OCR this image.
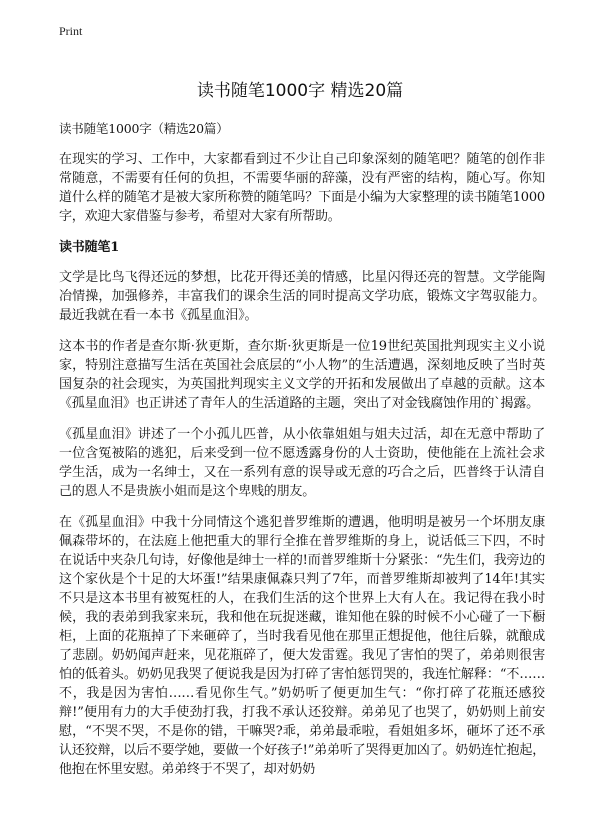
Print
读书随笔1000字 精选20篇

读书随笔1000字（精选20篇）

在现实的学习、工作中，大家都看到过不少让自己印象深刻的随笔吧？随笔的创作非常随意，不需要有任何的负担，不需要华丽的辞藻，没有严密的结构，随心写。你知道什么样的随笔才是被大家所称赞的随笔吗？下面是小编为大家整理的读书随笔1000字，欢迎大家借鉴与参考，希望对大家有所帮助。

读书随笔1

文学是比鸟飞得还远的梦想，比花开得还美的情感，比星闪得还亮的智慧。文学能陶冶情操，加强修养，丰富我们的课余生活的同时提高文学功底，锻炼文字驾驭能力。最近我就在看一本书《孤星血泪》。

这本书的作者是查尔斯·狄更斯，查尔斯·狄更斯是一位19世纪英国批判现实主义小说家，特别注意描写生活在英国社会底层的“小人物”的生活遭遇，深刻地反映了当时英国复杂的社会现实，为英国批判现实主义文学的开拓和发展做出了卓越的贡献。这本《孤星血泪》也正讲述了青年人的生活道路的主题，突出了对金钱腐蚀作用的`揭露。

《孤星血泪》讲述了一个小孤儿匹普，从小依靠姐姐与姐夫过活，却在无意中帮助了一位含冤被陷的逃犯，后来受到一位不愿透露身份的人士资助，使他能在上流社会求学生活，成为一名绅士，又在一系列有意的误导或无意的巧合之后，匹普终于认清自己的恩人不是贵族小姐而是这个卑贱的朋友。

在《孤星血泪》中我十分同情这个逃犯普罗维斯的遭遇，他明明是被另一个坏朋友康佩森带坏的，在法庭上他把重大的罪行全推在普罗维斯的身上，说话低三下四，不时在说话中夹杂几句诗，好像他是绅士一样的!而普罗维斯十分紧张：“先生们，我旁边的这个家伙是个十足的大坏蛋!”结果康佩森只判了7年，而普罗维斯却被判了14年!其实不只是这本书里有被冤枉的人，在我们生活的这个世界上大有人在。我记得在我小时候，我的表弟到我家来玩，我和他在玩捉迷藏，谁知他在躲的时候不小心碰了一下橱柜，上面的花瓶掉了下来砸碎了，当时我看见他在那里正想捉他，他往后躲，就酿成了悲剧。奶奶闻声赶来，见花瓶碎了，便大发雷霆。我见了害怕的哭了，弟弟则很害怕的低着头。奶奶见我哭了便说我是因为打碎了害怕惩罚哭的，我连忙解释：“不……不，我是因为害怕……看见你生气。”奶奶听了便更加生气：“你打碎了花瓶还感狡辩!”便用有力的大手使劲打我，打我不承认还狡辩。弟弟见了也哭了，奶奶则上前安慰，“不哭不哭，不是你的错，干嘛哭?乖，弟弟最乖啦，看姐姐多坏，砸坏了还不承认还狡辩，以后不要学她，要做一个好孩子!”弟弟听了哭得更加凶了。奶奶连忙抱起，他抱在怀里安慰。弟弟终于不哭了，却对奶奶
